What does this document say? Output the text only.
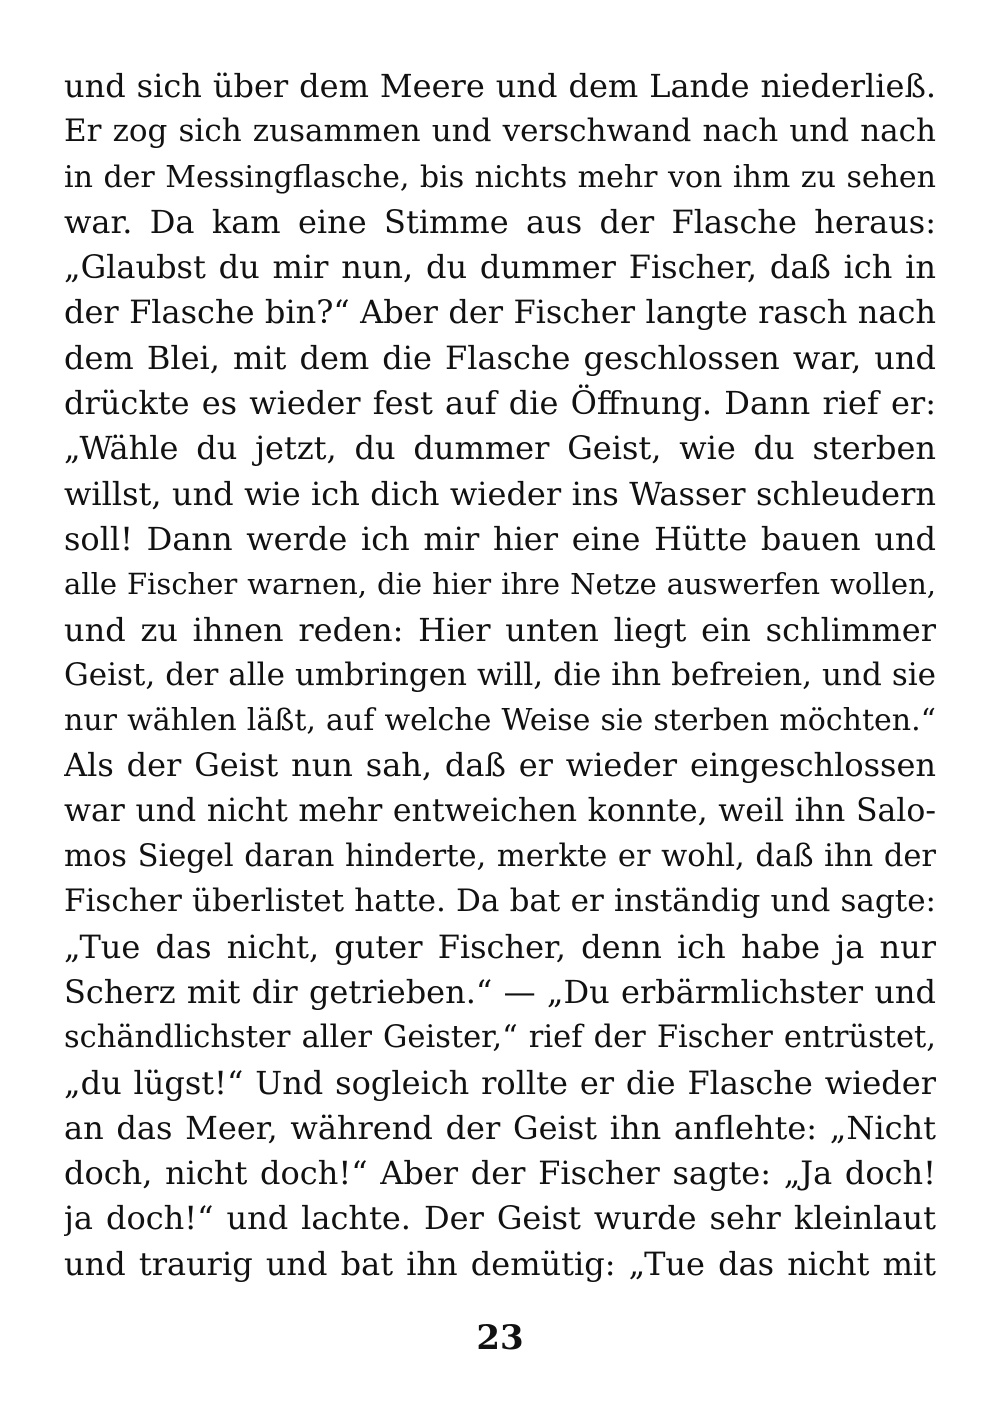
und sich über dem Meere und dem Lande niederließ.
Er zog sich zusammen und verschwand nach und nach
in der Messingflasche, bis nichts mehr von ihm zu sehen
war. Da kam eine Stimme aus der Flasche heraus:
„Glaubst du mir nun, du dummer Fischer, daß ich in
der Flasche bin?“ Aber der Fischer langte rasch nach
dem Blei, mit dem die Flasche geschlossen war, und
drückte es wieder fest auf die Öffnung. Dann rief er:
„Wähle du jetzt, du dummer Geist, wie du sterben
willst, und wie ich dich wieder ins Wasser schleudern
soll! Dann werde ich mir hier eine Hütte bauen und
alle Fischer warnen, die hier ihre Netze auswerfen wollen,
und zu ihnen reden: Hier unten liegt ein schlimmer
Geist, der alle umbringen will, die ihn befreien, und sie
nur wählen läßt, auf welche Weise sie sterben möchten.“
Als der Geist nun sah, daß er wieder eingeschlossen
war und nicht mehr entweichen konnte, weil ihn Salo-
mos Siegel daran hinderte, merkte er wohl, daß ihn der
Fischer überlistet hatte. Da bat er inständig und sagte:
„Tue das nicht, guter Fischer, denn ich habe ja nur
Scherz mit dir getrieben.“ — „Du erbärmlichster und
schändlichster aller Geister,“ rief der Fischer entrüstet,
„du lügst!“ Und sogleich rollte er die Flasche wieder
an das Meer, während der Geist ihn anflehte: „Nicht
doch, nicht doch!“ Aber der Fischer sagte: „Ja doch!
ja doch!“ und lachte. Der Geist wurde sehr kleinlaut
und traurig und bat ihn demütig: „Tue das nicht mit
23
